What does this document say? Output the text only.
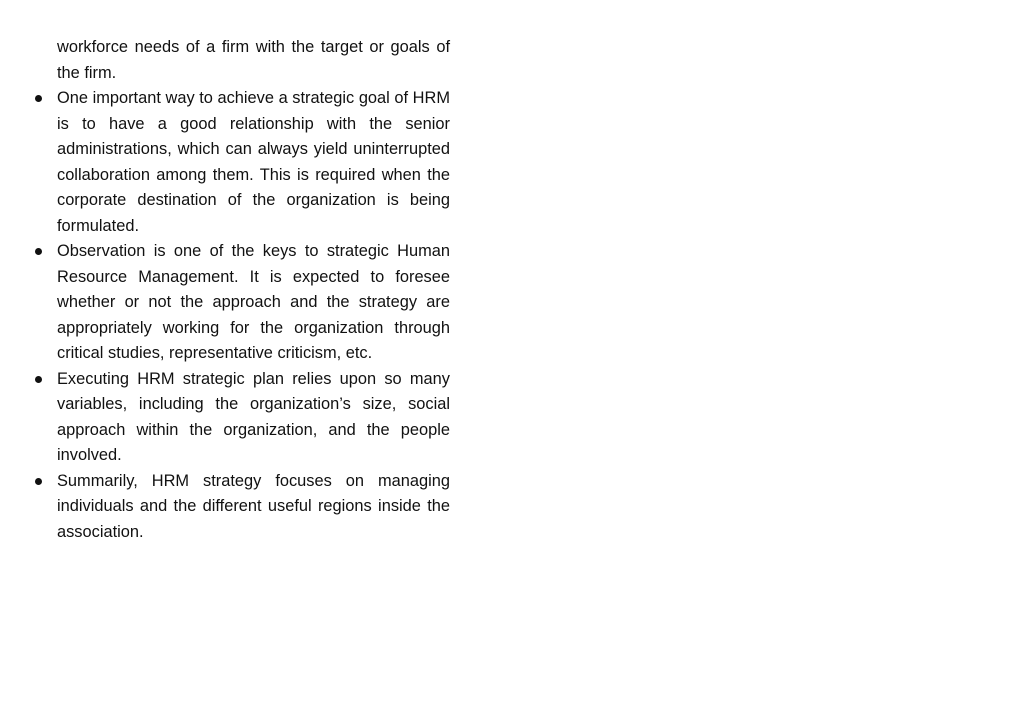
workforce needs of a firm with the target or goals of the firm.

One important way to achieve a strategic goal of HRM is to have a good relationship with the senior administrations, which can always yield uninterrupted collaboration among them. This is required when the corporate destination of the organization is being formulated.
Observation is one of the keys to strategic Human Resource Management. It is expected to foresee whether or not the approach and the strategy are appropriately working for the organization through critical studies, representative criticism, etc.
Executing HRM strategic plan relies upon so many variables, including the organization’s size, social approach within the organization, and the people involved.
Summarily, HRM strategy focuses on managing individuals and the different useful regions inside the association.
